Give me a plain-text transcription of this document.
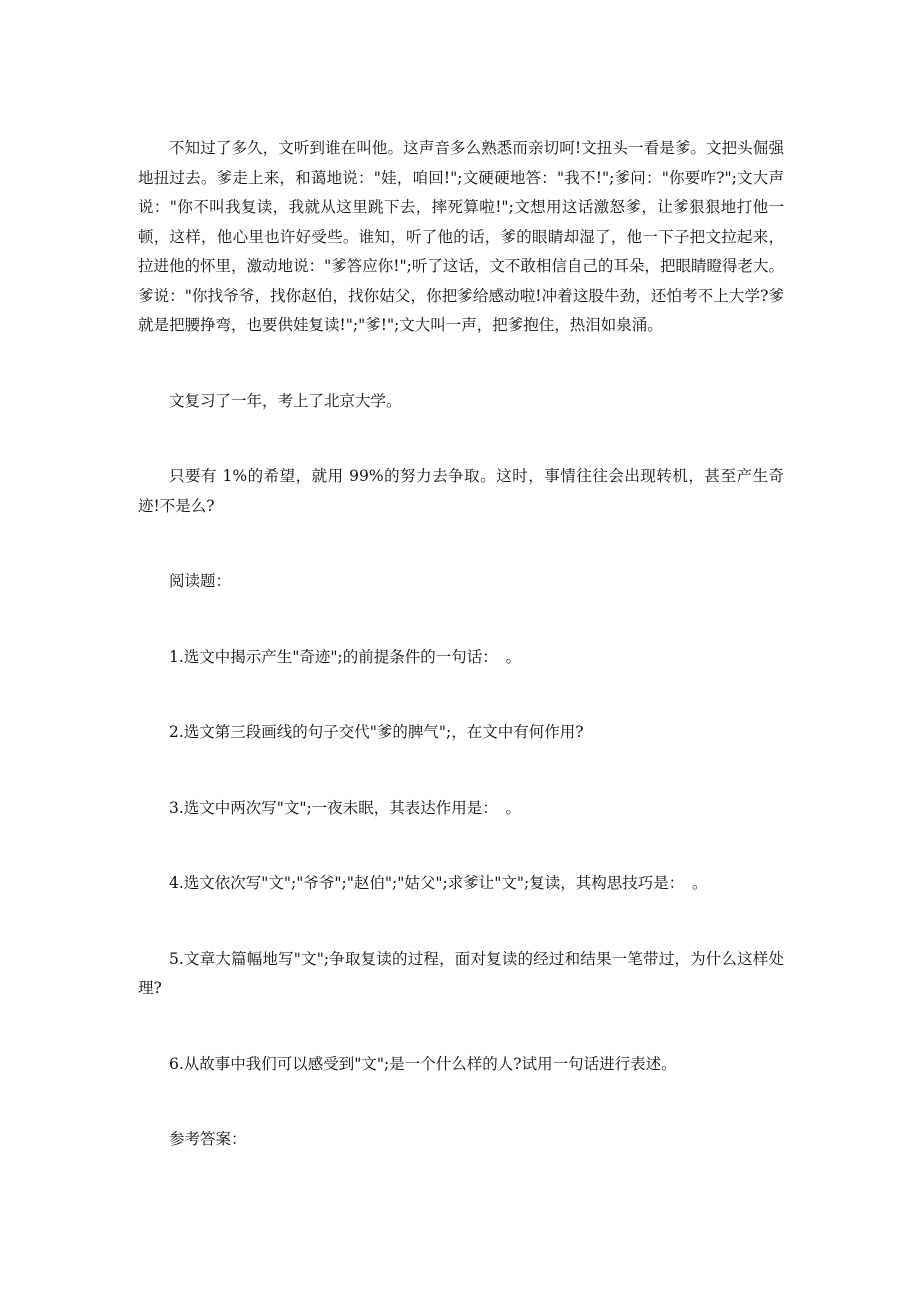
不知过了多久，文听到谁在叫他。这声音多么熟悉而亲切呵!文扭头一看是爹。文把头倔强地扭过去。爹走上来，和蔼地说："娃，咱回!";文硬硬地答："我不!";爹问："你要咋?";文大声说："你不叫我复读，我就从这里跳下去，摔死算啦!";文想用这话激怒爹，让爹狠狠地打他一顿，这样，他心里也许好受些。谁知，听了他的话，爹的眼睛却湿了，他一下子把文拉起来，拉进他的怀里，激动地说："爹答应你!";听了这话，文不敢相信自己的耳朵，把眼睛瞪得老大。爹说："你找爷爷，找你赵伯，找你姑父，你把爹给感动啦!冲着这股牛劲，还怕考不上大学?爹就是把腰挣弯，也要供娃复读!";"爹!";文大叫一声，把爹抱住，热泪如泉涌。

文复习了一年，考上了北京大学。

只要有 1%的希望，就用 99%的努力去争取。这时，事情往往会出现转机，甚至产生奇迹!不是么?

阅读题：

1.选文中揭示产生"奇迹";的前提条件的一句话：　。

2.选文第三段画线的句子交代"爹的脾气";，在文中有何作用?

3.选文中两次写"文";一夜未眠，其表达作用是：　。

4.选文依次写"文";"爷爷";"赵伯";"姑父";求爹让"文";复读，其构思技巧是：　。

5.文章大篇幅地写"文";争取复读的过程，面对复读的经过和结果一笔带过，为什么这样处理?

6.从故事中我们可以感受到"文";是一个什么样的人?试用一句话进行表述。

参考答案：
